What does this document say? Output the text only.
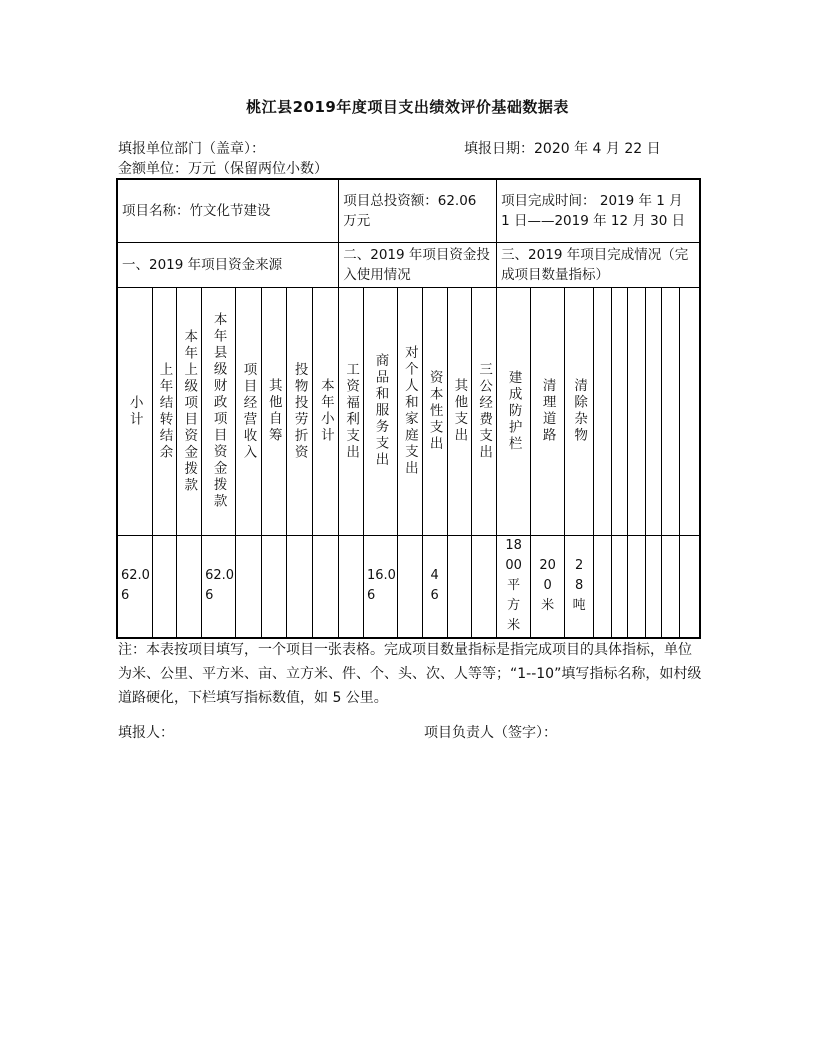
桃江县2019年度项目支出绩效评价基础数据表
填报单位部门（盖章）：	填报日期：2020 年 4 月 22 日
金额单位：万元（保留两位小数）
项目名称：竹文化节建设								项目总投资额：62.06 万元						项目完成时间： 2019 年 1 月 1 日——2019 年 12 月 30 日								
一、2019 年项目资金来源								二、2019 年项目资金投入使用情况						三、2019 年项目完成情况（完成项目数量指标）								

小计	上年结转结余	本年上级项目资金拨款	本年县级财政项目资金拨款	项目经营收入	其他自筹	投物投劳折资	本年小计	工资福利支出	商品和服务支出	对个人和家庭支出	资本性支出	其他支出	三公经费支出	建成防护栏	清理道路	清除杂物						

62.06			62.06						16.06		46			1800平方米	200米	28吨						
注：本表按项目填写，一个项目一张表格。完成项目数量指标是指完成项目的具体指标，单位为米、公里、平方米、亩、立方米、件、个、头、次、人等等；“1--10”填写指标名称，如村级道路硬化，下栏填写指标数值，如 5 公里。
填报人：	项目负责人（签字）：
